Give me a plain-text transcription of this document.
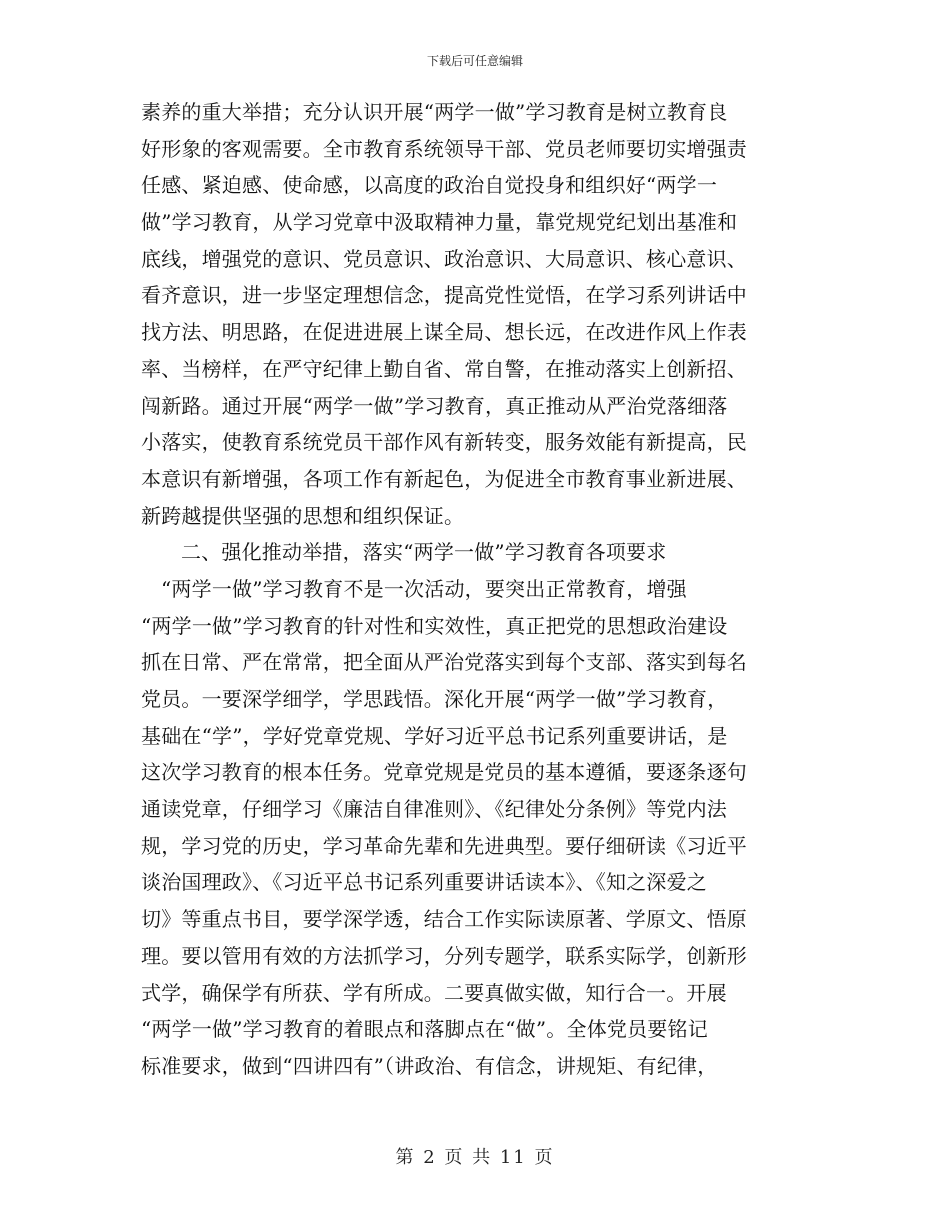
下载后可任意编辑
素养的重大举措；充分认识开展“两学一做”学习教育是树立教育良
好形象的客观需要。全市教育系统领导干部、党员老师要切实增强责
任感、紧迫感、使命感，以高度的政治自觉投身和组织好“两学一
做”学习教育，从学习党章中汲取精神力量，靠党规党纪划出基准和
底线，增强党的意识、党员意识、政治意识、大局意识、核心意识、
看齐意识，进一步坚定理想信念，提高党性觉悟，在学习系列讲话中
找方法、明思路，在促进进展上谋全局、想长远，在改进作风上作表
率、当榜样，在严守纪律上勤自省、常自警，在推动落实上创新招、
闯新路。通过开展“两学一做”学习教育，真正推动从严治党落细落
小落实，使教育系统党员干部作风有新转变，服务效能有新提高，民
本意识有新增强，各项工作有新起色，为促进全市教育事业新进展、
新跨越提供坚强的思想和组织保证。
二、强化推动举措，落实“两学一做”学习教育各项要求
“两学一做”学习教育不是一次活动，要突出正常教育，增强
“两学一做”学习教育的针对性和实效性，真正把党的思想政治建设
抓在日常、严在常常，把全面从严治党落实到每个支部、落实到每名
党员。一要深学细学，学思践悟。深化开展“两学一做”学习教育，
基础在“学”，学好党章党规、学好习近平总书记系列重要讲话，是
这次学习教育的根本任务。党章党规是党员的基本遵循，要逐条逐句
通读党章，仔细学习《廉洁自律准则》、《纪律处分条例》等党内法
规，学习党的历史，学习革命先辈和先进典型。要仔细研读《习近平
谈治国理政》、《习近平总书记系列重要讲话读本》、《知之深爱之
切》等重点书目，要学深学透，结合工作实际读原著、学原文、悟原
理。要以管用有效的方法抓学习，分列专题学，联系实际学，创新形
式学，确保学有所获、学有所成。二要真做实做，知行合一。开展
“两学一做”学习教育的着眼点和落脚点在“做”。全体党员要铭记
标准要求，做到“四讲四有”（讲政治、有信念，讲规矩、有纪律，
第 2 页 共 11 页
